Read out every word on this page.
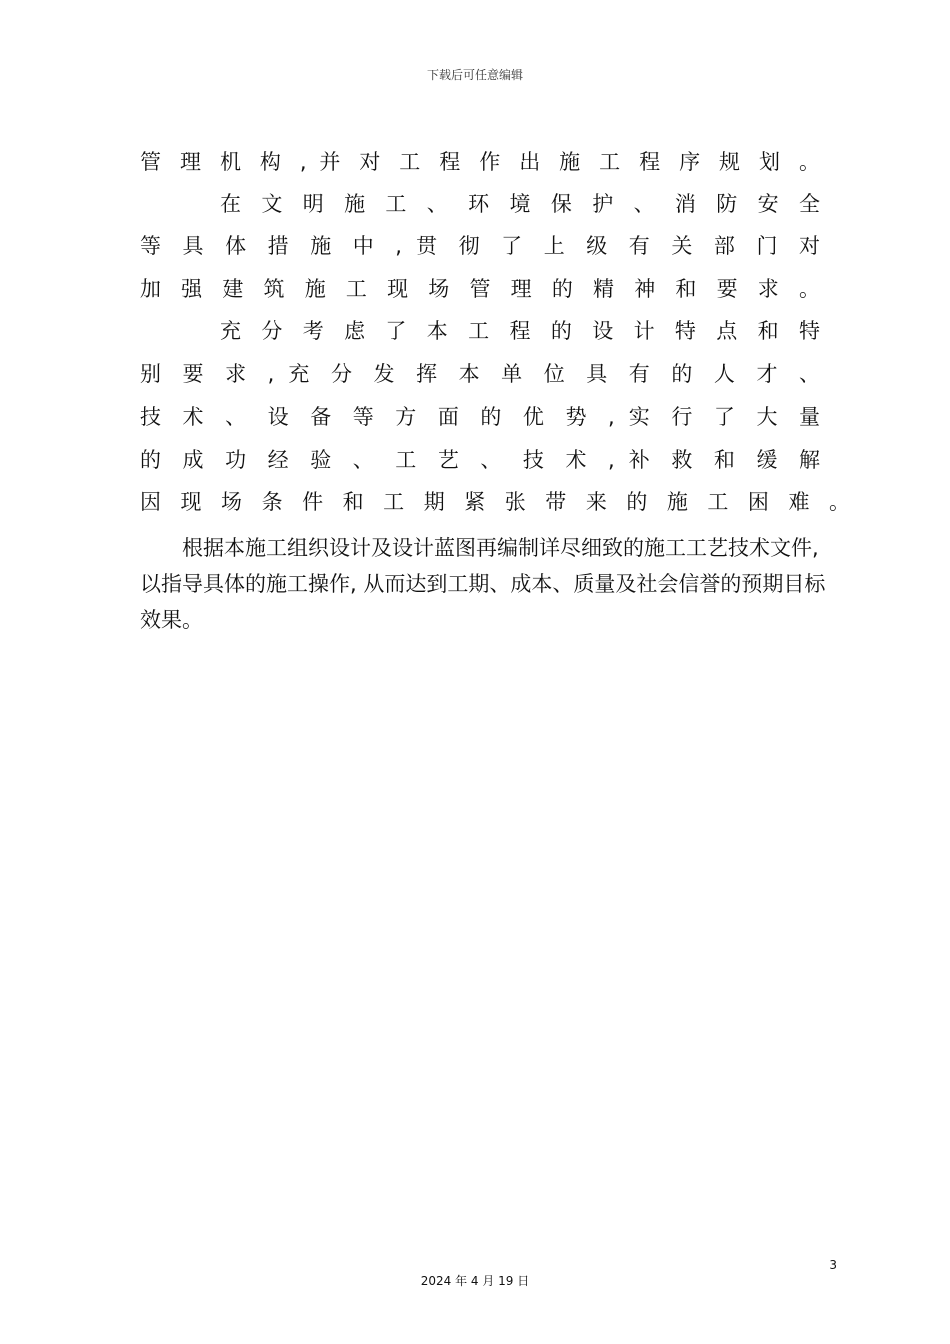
下载后可任意编辑
管 理 机 构 , 并 对 工 程 作 出 施 工 程 序 规 划 。
在 文 明 施 工 、 环 境 保 护 、 消 防 安 全
等 具 体 措 施 中 , 贯 彻 了 上 级 有 关 部 门 对
加 强 建 筑 施 工 现 场 管 理 的 精 神 和 要 求 。
充 分 考 虑 了 本 工 程 的 设 计 特 点 和 特
别 要 求 , 充 分 发 挥 本 单 位 具 有 的 人 才 、
技 术 、 设 备 等 方 面 的 优 势 , 实 行 了 大 量
的 成 功 经 验 、 工 艺 、 技 术 , 补 救 和 缓 解
因 现 场 条 件 和 工 期 紧 张 带 来 的 施 工 困 难 。

根据本施工组织设计及设计蓝图再编制详尽细致的施工工艺技术文件, 以指导具体的施工操作, 从而达到工期、成本、质量及社会信誉的预期目标效果。

3
2024 年 4 月 19 日
